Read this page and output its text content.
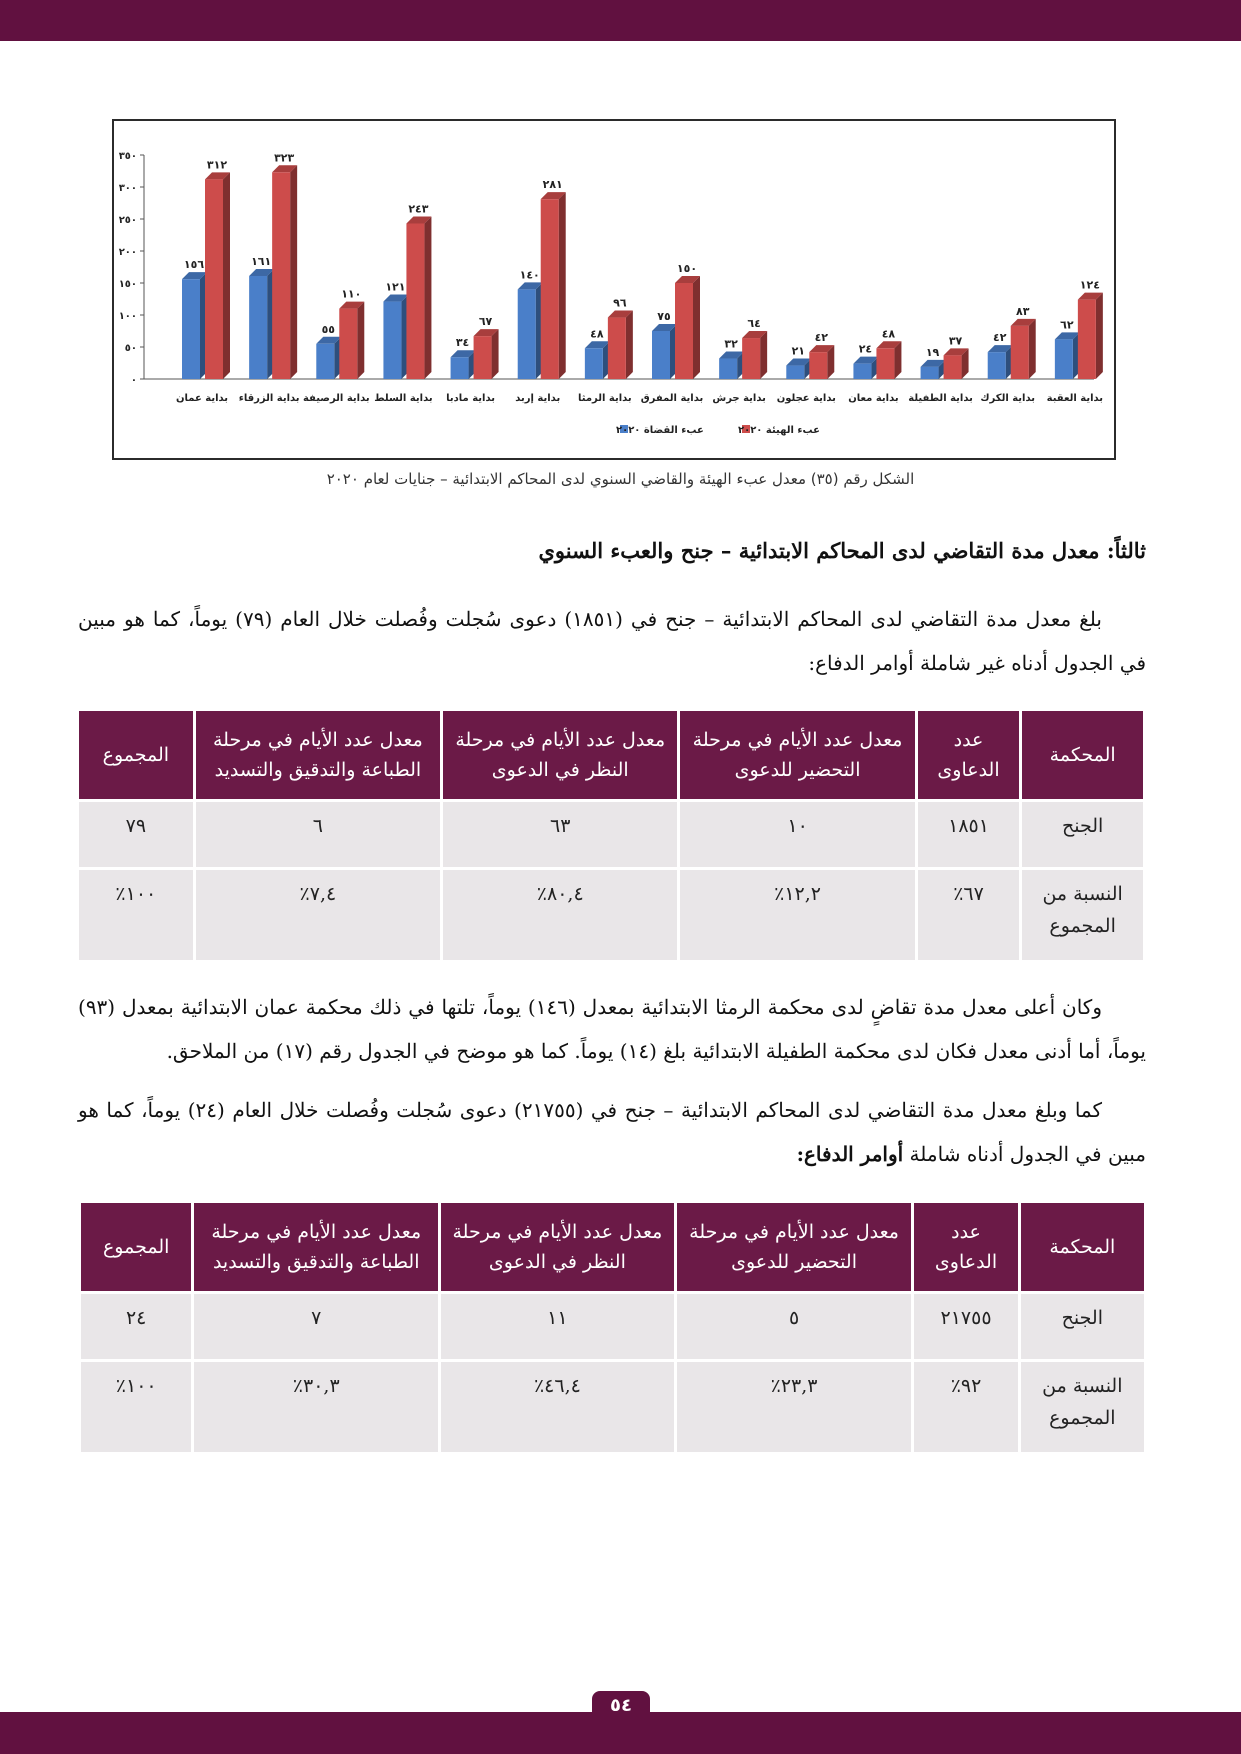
٠
٥٠
١٠٠
١٥٠
٢٠٠
٢٥٠
٣٠٠
٣٥٠
١٥٦
٣١٢
بداية عمان
١٦١
٣٢٣
بداية الزرقاء
٥٥
١١٠
بداية الرصيفة
١٢١
٢٤٣
بداية السلط
٣٤
٦٧
بداية مادبا
١٤٠
٢٨١
بداية إربد
٤٨
٩٦
بداية الرمثا
٧٥
١٥٠
بداية المفرق
٣٢
٦٤
بداية جرش
٢١
٤٢
بداية عجلون
٢٤
٤٨
بداية معان
١٩
٣٧
بداية الطفيلة
٤٢
٨٣
بداية الكرك
٦٢
١٢٤
بداية العقبة
عبء الهيئة ٢٠٢٠
عبء القضاة ٢٠٢٠
الشكل رقم (٣٥) معدل عبء الهيئة والقاضي السنوي لدى المحاكم الابتدائية – جنايات لعام ٢٠٢٠
ثالثاً: معدل مدة التقاضي لدى المحاكم الابتدائية – جنح والعبء السنوي
بلغ معدل مدة التقاضي لدى المحاكم الابتدائية – جنح في (١٨٥١) دعوى سُجلت وفُصلت خلال العام (٧٩) يوماً، كما هو مبين في الجدول أدناه غير شاملة أوامر الدفاع:
المحكمة	عدد الدعاوى	معدل عدد الأيام في مرحلة التحضير للدعوى	معدل عدد الأيام في مرحلة النظر في الدعوى	معدل عدد الأيام في مرحلة الطباعة والتدقيق والتسديد	المجموع
الجنح	١٨٥١	١٠	٦٣	٦	٧٩
النسبة من المجموع	٦٧٪	١٢,٢٪	٨٠,٤٪	٧,٤٪	١٠٠٪
وكان أعلى معدل مدة تقاضٍ لدى محكمة الرمثا الابتدائية بمعدل (١٤٦) يوماً، تلتها في ذلك محكمة عمان الابتدائية بمعدل (٩٣) يوماً، أما أدنى معدل فكان لدى محكمة الطفيلة الابتدائية بلغ (١٤) يوماً. كما هو موضح في الجدول رقم (١٧) من الملاحق.
كما وبلغ معدل مدة التقاضي لدى المحاكم الابتدائية – جنح في (٢١٧٥٥) دعوى سُجلت وفُصلت خلال العام (٢٤) يوماً، كما هو مبين في الجدول أدناه شاملة أوامر الدفاع:
المحكمة	عدد الدعاوى	معدل عدد الأيام في مرحلة التحضير للدعوى	معدل عدد الأيام في مرحلة النظر في الدعوى	معدل عدد الأيام في مرحلة الطباعة والتدقيق والتسديد	المجموع
الجنح	٢١٧٥٥	٥	١١	٧	٢٤
النسبة من المجموع	٩٢٪	٢٣,٣٪	٤٦,٤٪	٣٠,٣٪	١٠٠٪
٥٤
